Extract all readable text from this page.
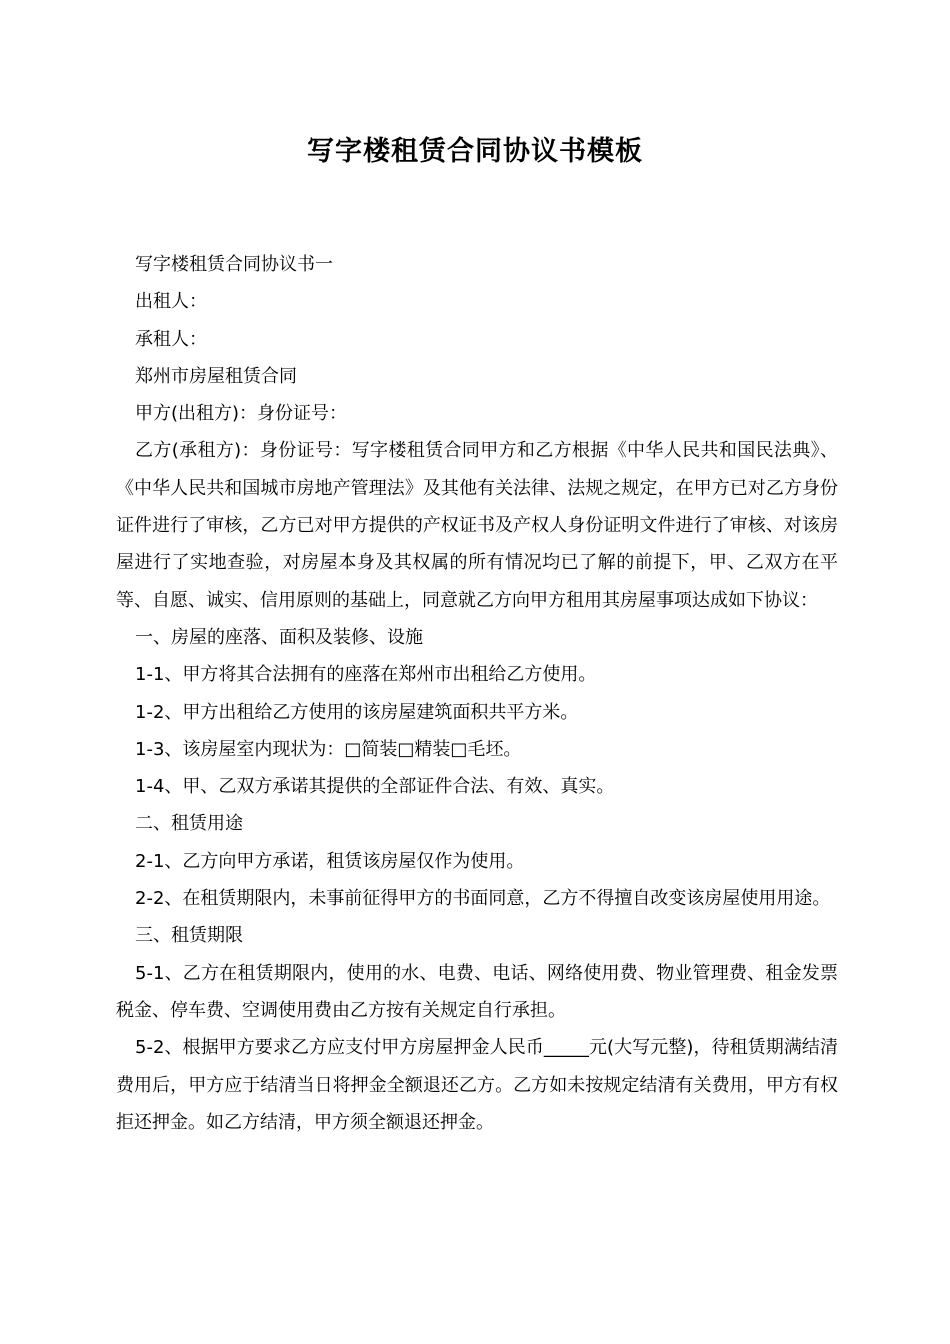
写字楼租赁合同协议书模板

写字楼租赁合同协议书一

出租人：

承租人：

郑州市房屋租赁合同

甲方(出租方)：身份证号：

乙方(承租方)：身份证号：写字楼租赁合同甲方和乙方根据《中华人民共和国民法典》、《中华人民共和国城市房地产管理法》及其他有关法律、法规之规定，在甲方已对乙方身份证件进行了审核，乙方已对甲方提供的产权证书及产权人身份证明文件进行了审核、对该房屋进行了实地查验，对房屋本身及其权属的所有情况均已了解的前提下，甲、乙双方在平等、自愿、诚实、信用原则的基础上，同意就乙方向甲方租用其房屋事项达成如下协议：

一、房屋的座落、面积及装修、设施

1-1、甲方将其合法拥有的座落在郑州市出租给乙方使用。

1-2、甲方出租给乙方使用的该房屋建筑面积共平方米。

1-3、该房屋室内现状为：□简装□精装□毛坯。

1-4、甲、乙双方承诺其提供的全部证件合法、有效、真实。

二、租赁用途

2-1、乙方向甲方承诺，租赁该房屋仅作为使用。

2-2、在租赁期限内，未事前征得甲方的书面同意，乙方不得擅自改变该房屋使用用途。

三、租赁期限

5-1、乙方在租赁期限内，使用的水、电费、电话、网络使用费、物业管理费、租金发票税金、停车费、空调使用费由乙方按有关规定自行承担。

5-2、根据甲方要求乙方应支付甲方房屋押金人民币_____元(大写元整)，待租赁期满结清费用后，甲方应于结清当日将押金全额退还乙方。乙方如未按规定结清有关费用，甲方有权拒还押金。如乙方结清，甲方须全额退还押金。
